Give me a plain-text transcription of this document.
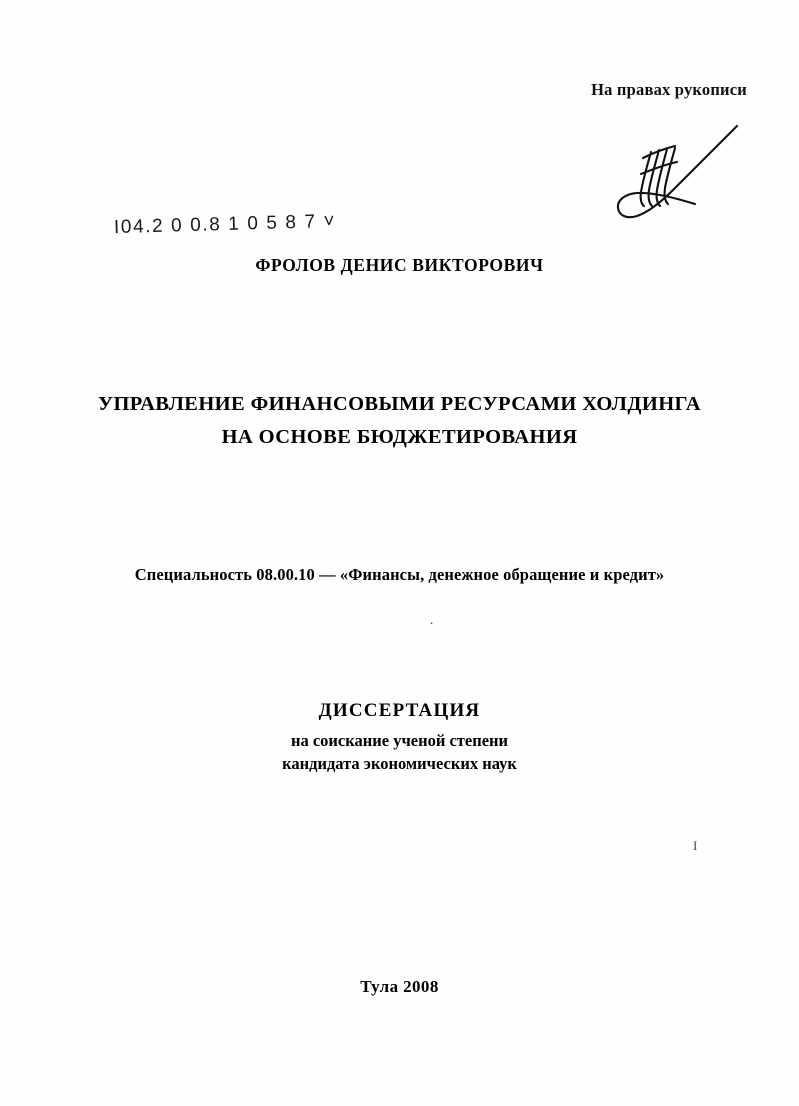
На правах рукописи
I04.2 0 0.8 1 0 5 8 7 ˅
ФРОЛОВ ДЕНИС ВИКТОРОВИЧ
УПРАВЛЕНИЕ ФИНАНСОВЫМИ РЕСУРСАМИ ХОЛДИНГА
НА ОСНОВЕ БЮДЖЕТИРОВАНИЯ
Специальность 08.00.10 — «Финансы, денежное обращение и кредит»
.
ДИССЕРТАЦИЯ
на соискание ученой степени
кандидата экономических наук
I
Тула 2008
